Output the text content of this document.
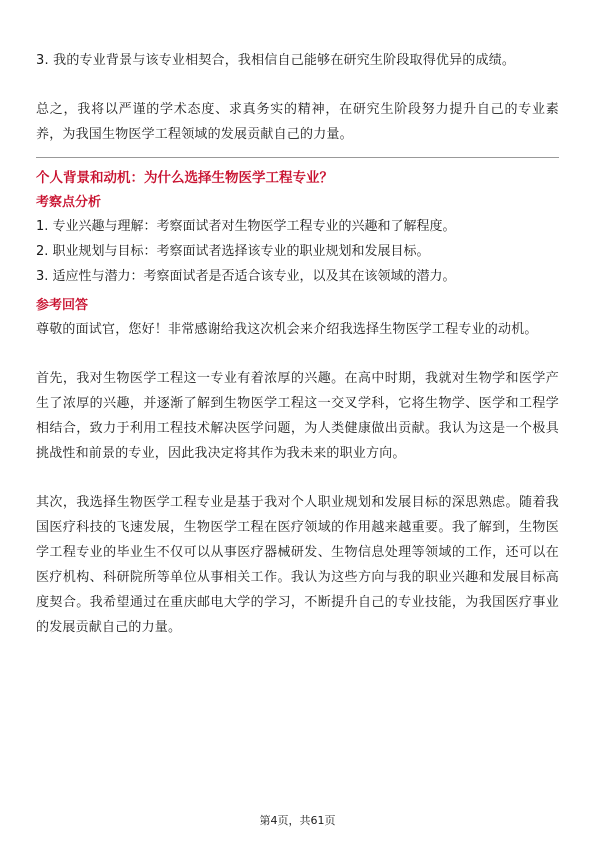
3. 我的专业背景与该专业相契合，我相信自己能够在研究生阶段取得优异的成绩。

总之，我将以严谨的学术态度、求真务实的精神，在研究生阶段努力提升自己的专业素养，为我国生物医学工程领域的发展贡献自己的力量。

个人背景和动机：为什么选择生物医学工程专业？
考察点分析
1. 专业兴趣与理解：考察面试者对生物医学工程专业的兴趣和了解程度。
2. 职业规划与目标：考察面试者选择该专业的职业规划和发展目标。
3. 适应性与潜力：考察面试者是否适合该专业，以及其在该领域的潜力。
参考回答

尊敬的面试官，您好！非常感谢给我这次机会来介绍我选择生物医学工程专业的动机。

首先，我对生物医学工程这一专业有着浓厚的兴趣。在高中时期，我就对生物学和医学产生了浓厚的兴趣，并逐渐了解到生物医学工程这一交叉学科，它将生物学、医学和工程学相结合，致力于利用工程技术解决医学问题，为人类健康做出贡献。我认为这是一个极具挑战性和前景的专业，因此我决定将其作为我未来的职业方向。

其次，我选择生物医学工程专业是基于我对个人职业规划和发展目标的深思熟虑。随着我国医疗科技的飞速发展，生物医学工程在医疗领域的作用越来越重要。我了解到，生物医学工程专业的毕业生不仅可以从事医疗器械研发、生物信息处理等领域的工作，还可以在医疗机构、科研院所等单位从事相关工作。我认为这些方向与我的职业兴趣和发展目标高度契合。我希望通过在重庆邮电大学的学习，不断提升自己的专业技能，为我国医疗事业的发展贡献自己的力量。

第4页，共61页
